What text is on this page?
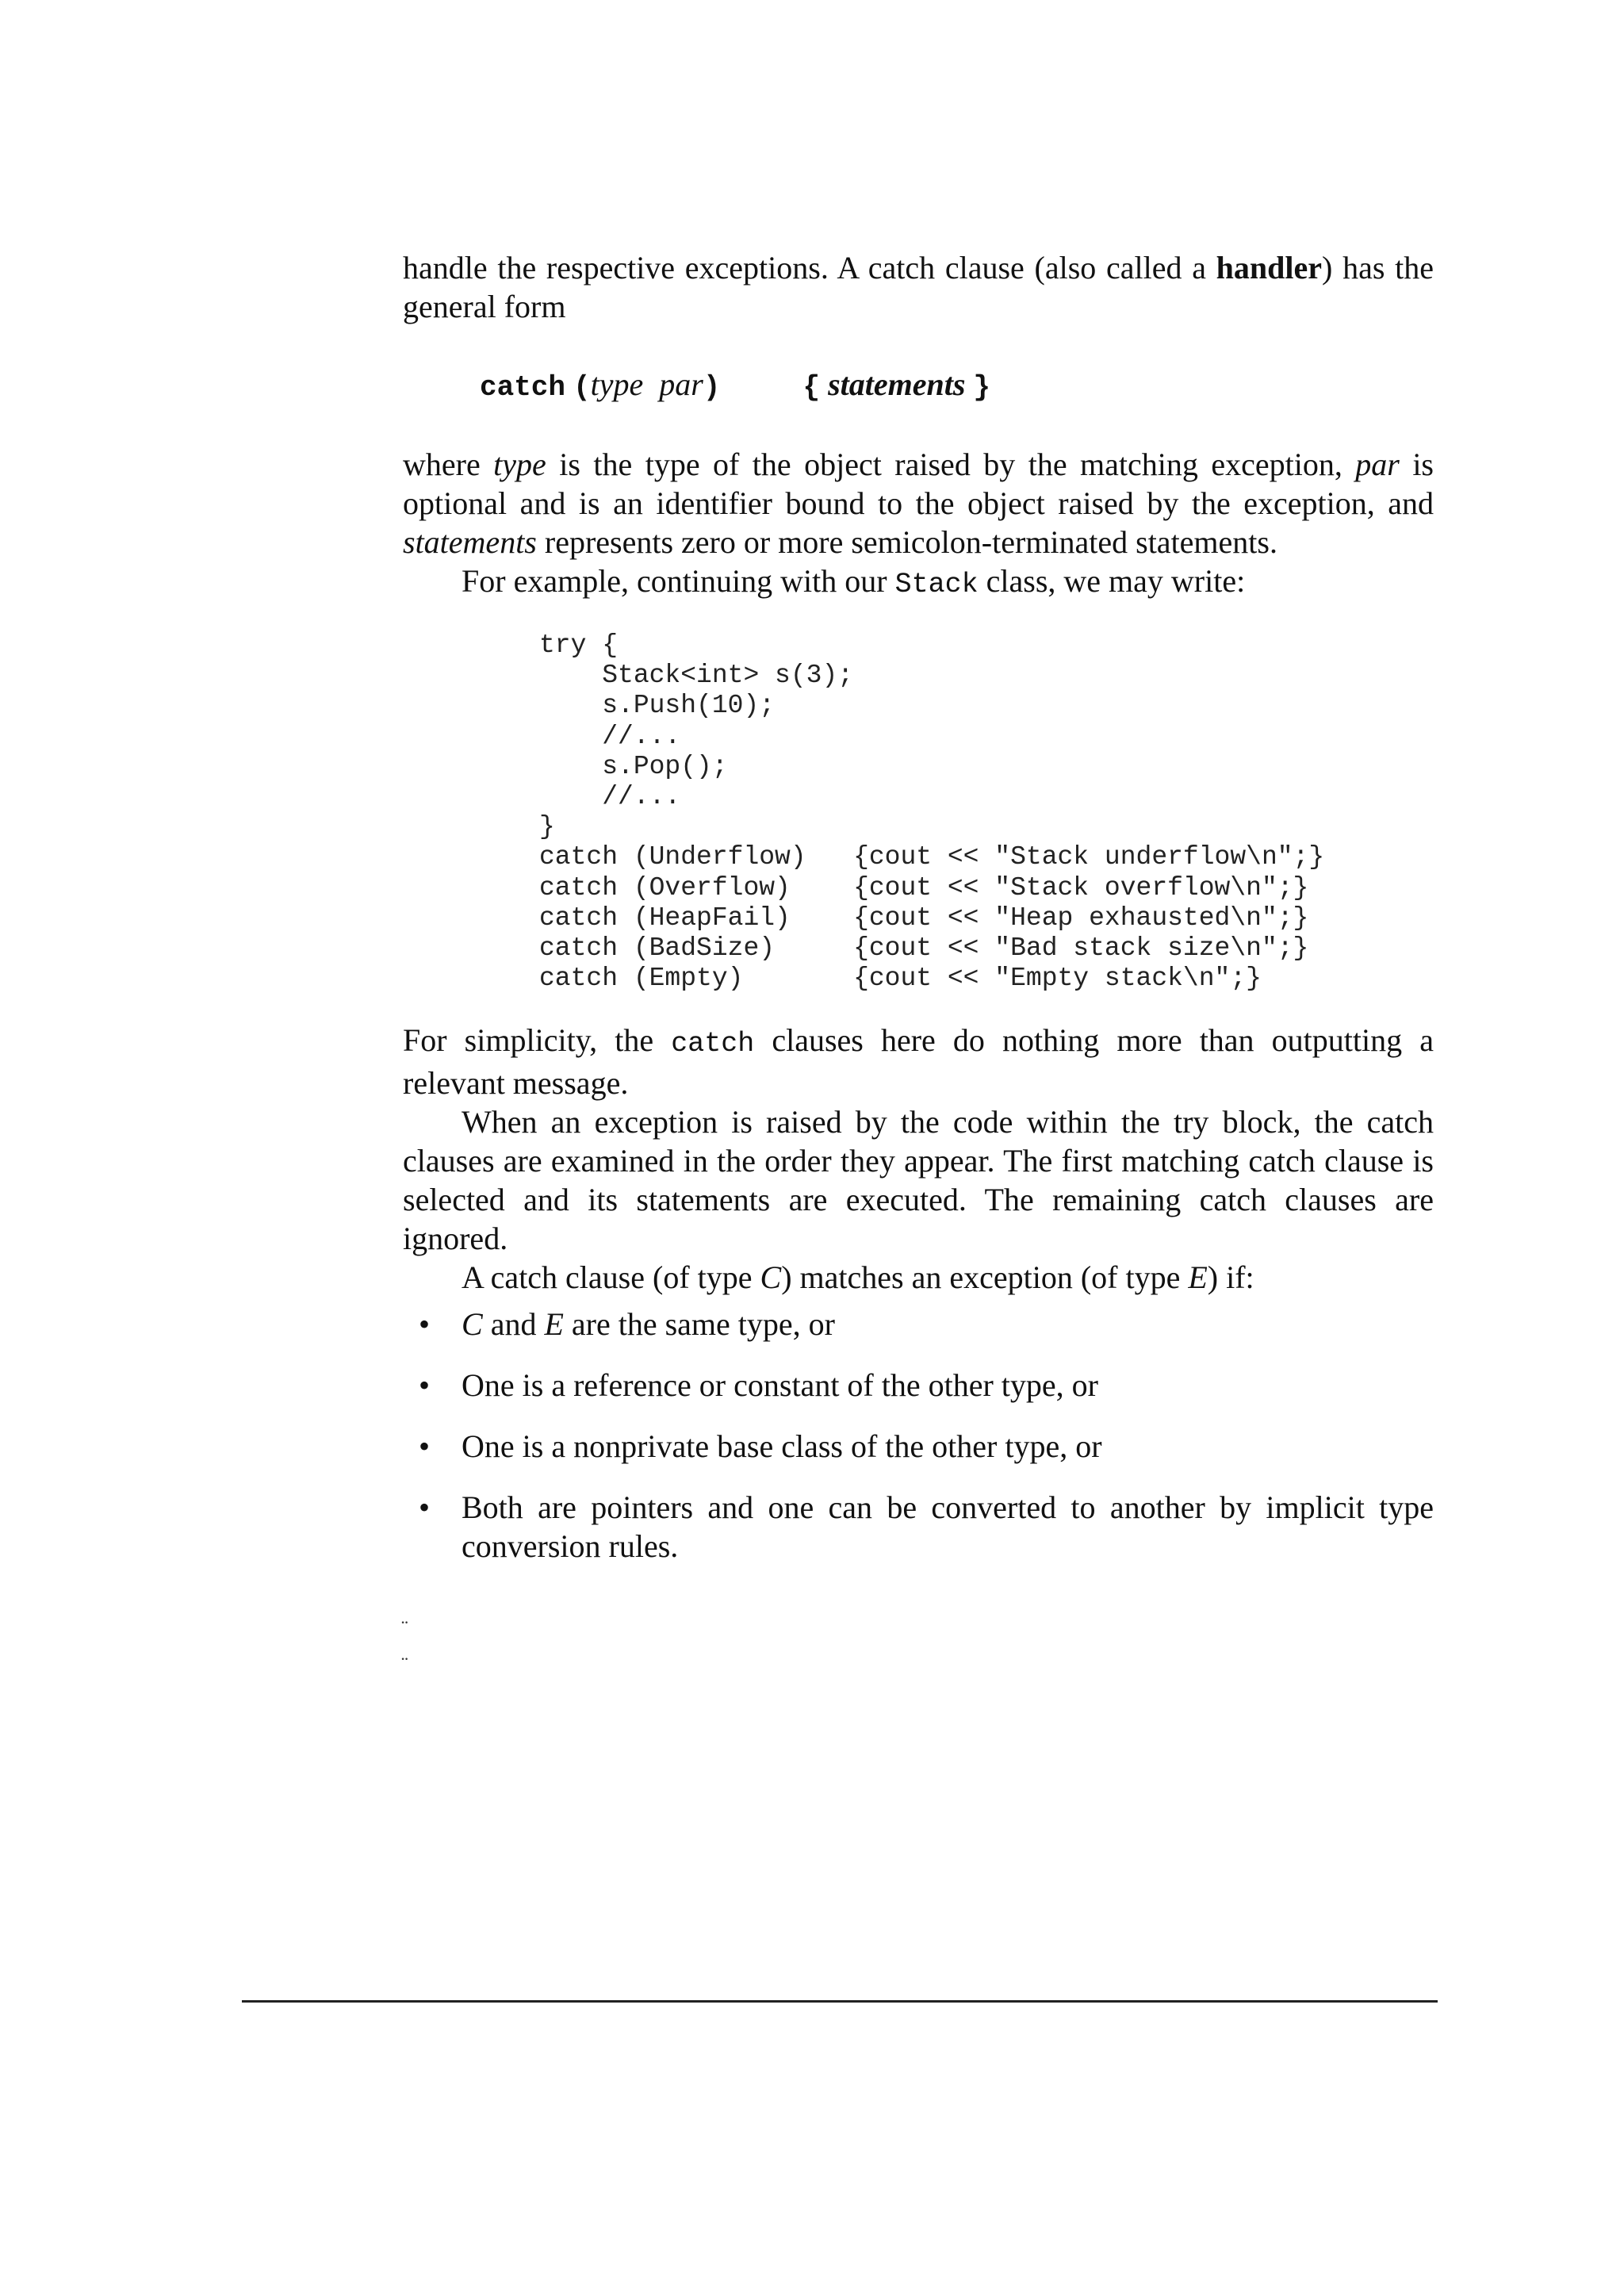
handle the respective exceptions. A catch clause (also called a handler) has the general form

catch (type par)	{ statements }

where type is the type of the object raised by the matching exception, par is optional and is an identifier bound to the object raised by the exception, and statements represents zero or more semicolon-terminated statements.

For example, continuing with our Stack class, we may write:

try {
Stack<int> s(3);
s.Push(10);
//...
s.Pop();
//...
}
catch (Underflow)   {cout << "Stack underflow\n";}
catch (Overflow)    {cout << "Stack overflow\n";}
catch (HeapFail)    {cout << "Heap exhausted\n";}
catch (BadSize)     {cout << "Bad stack size\n";}
catch (Empty)       {cout << "Empty stack\n";}

For simplicity, the catch clauses here do nothing more than outputting a relevant message.

When an exception is raised by the code within the try block, the catch clauses are examined in the order they appear. The first matching catch clause is selected and its statements are executed. The remaining catch clauses are ignored.

A catch clause (of type C) matches an exception (of type E) if:

• C and E are the same type, or
• One is a reference or constant of the other type, or
• One is a nonprivate base class of the other type, or
• Both are pointers and one can be converted to another by implicit type conversion rules.
¨
¨
